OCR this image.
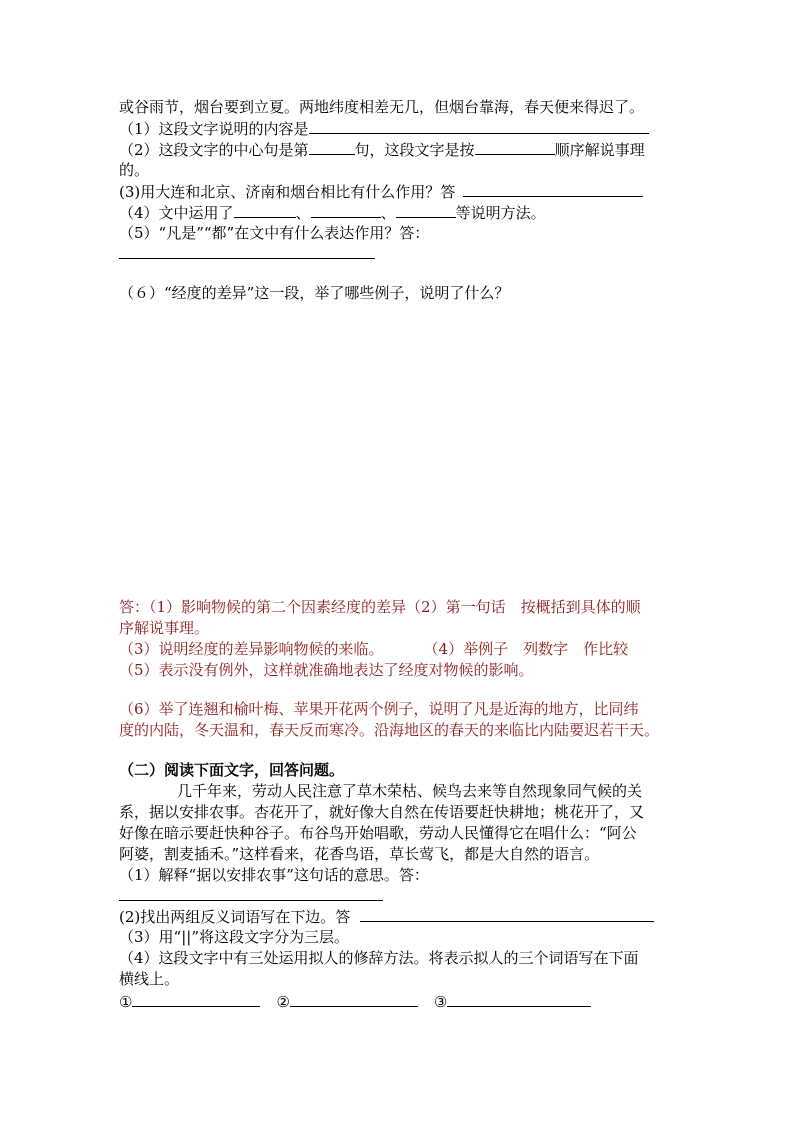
或谷雨节，烟台要到立夏。两地纬度相差无几，但烟台靠海，春天便来得迟了。
（1）这段文字说明的内容是
（2）这段文字的中心句是第	句，这段文字是按	顺序解说事理
的。
(3)用大连和北京、济南和烟台相比有什么作用？答
（4）文中运用了	、	、	等说明方法。
（5）“凡是”“都”在文中有什么表达作用？答：
（６）“经度的差异”这一段，举了哪些例子，说明了什么？
答：（1）影响物候的第二个因素经度的差异（2）第一句话　按概括到具体的顺
序解说事理。
（3）说明经度的差异影响物候的来临。	（4）举例子　列数字　作比较
（5）表示没有例外，这样就准确地表达了经度对物候的影响。
（6）举了连翘和榆叶梅、苹果开花两个例子，说明了凡是近海的地方，比同纬
度的内陆，冬天温和，春天反而寒冷。沿海地区的春天的来临比内陆要迟若干天。
（二）阅读下面文字，回答问题。
几千年来，劳动人民注意了草木荣枯、候鸟去来等自然现象同气候的关
系，据以安排农事。杏花开了，就好像大自然在传语要赶快耕地；桃花开了，又
好像在暗示要赶快种谷子。布谷鸟开始唱歌，劳动人民懂得它在唱什么：“阿公
阿婆，割麦插禾。”这样看来，花香鸟语，草长莺飞，都是大自然的语言。
（1）解释“据以安排农事”这句话的意思。答：
(2)找出两组反义词语写在下边。答
（3）用“||”将这段文字分为三层。
（4）这段文字中有三处运用拟人的修辞方法。将表示拟人的三个词语写在下面
横线上。
①	②	③
